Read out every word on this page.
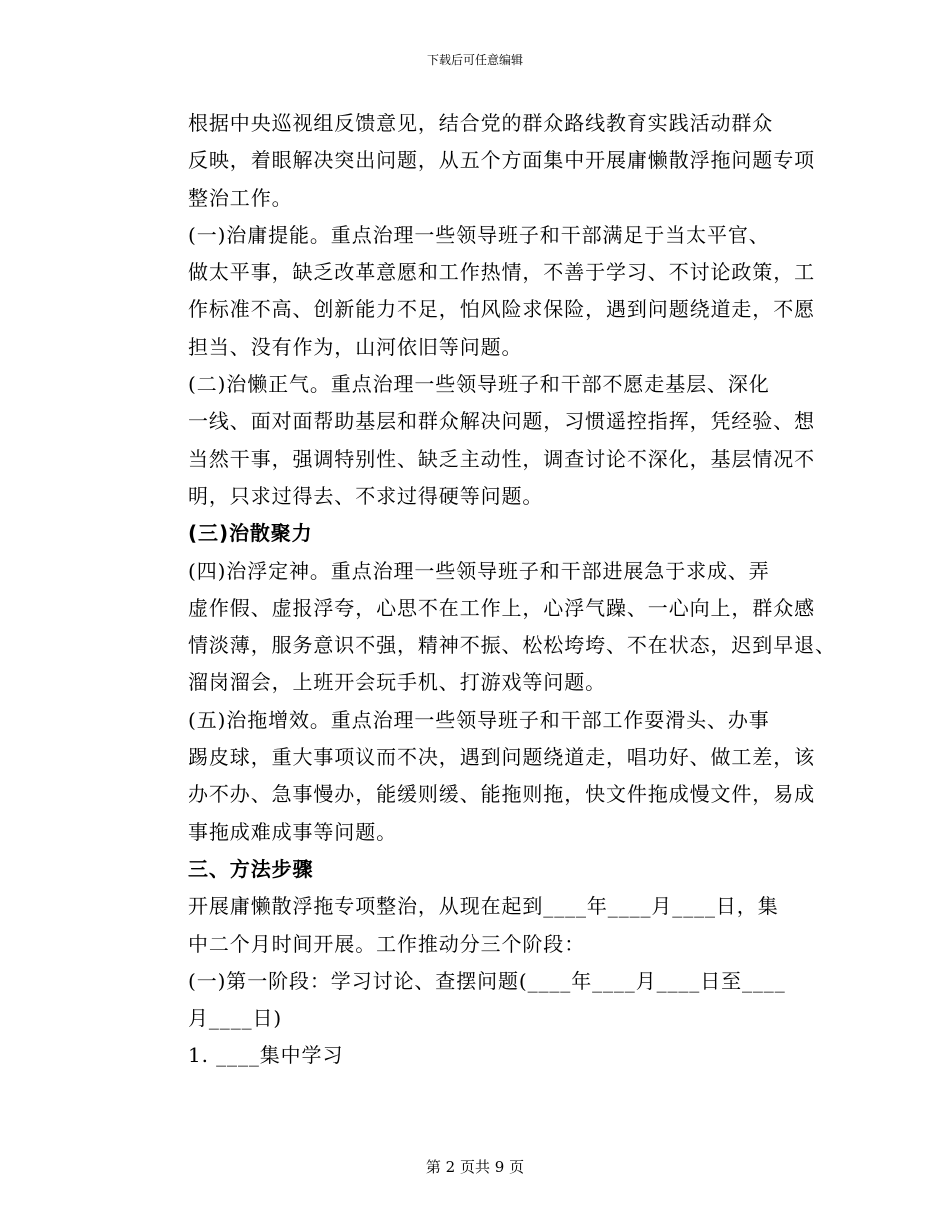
下载后可任意编辑

根据中央巡视组反馈意见，结合党的群众路线教育实践活动群众
反映，着眼解决突出问题，从五个方面集中开展庸懒散浮拖问题专项
整治工作。

(一)治庸提能。重点治理一些领导班子和干部满足于当太平官、
做太平事，缺乏改革意愿和工作热情，不善于学习、不讨论政策，工
作标准不高、创新能力不足，怕风险求保险，遇到问题绕道走，不愿
担当、没有作为，山河依旧等问题。

(二)治懒正气。重点治理一些领导班子和干部不愿走基层、深化
一线、面对面帮助基层和群众解决问题，习惯遥控指挥，凭经验、想
当然干事，强调特别性、缺乏主动性，调查讨论不深化，基层情况不
明，只求过得去、不求过得硬等问题。

(三)治散聚力

(四)治浮定神。重点治理一些领导班子和干部进展急于求成、弄
虚作假、虚报浮夸，心思不在工作上，心浮气躁、一心向上，群众感
情淡薄，服务意识不强，精神不振、松松垮垮、不在状态，迟到早退、
溜岗溜会，上班开会玩手机、打游戏等问题。

(五)治拖增效。重点治理一些领导班子和干部工作耍滑头、办事
踢皮球，重大事项议而不决，遇到问题绕道走，唱功好、做工差，该
办不办、急事慢办，能缓则缓、能拖则拖，快文件拖成慢文件，易成
事拖成难成事等问题。

三、方法步骤

开展庸懒散浮拖专项整治，从现在起到____年____月____日，集
中二个月时间开展。工作推动分三个阶段：

(一)第一阶段：学习讨论、查摆问题(____年____月____日至____
月____日)

1. ____集中学习

第 2 页共 9 页
